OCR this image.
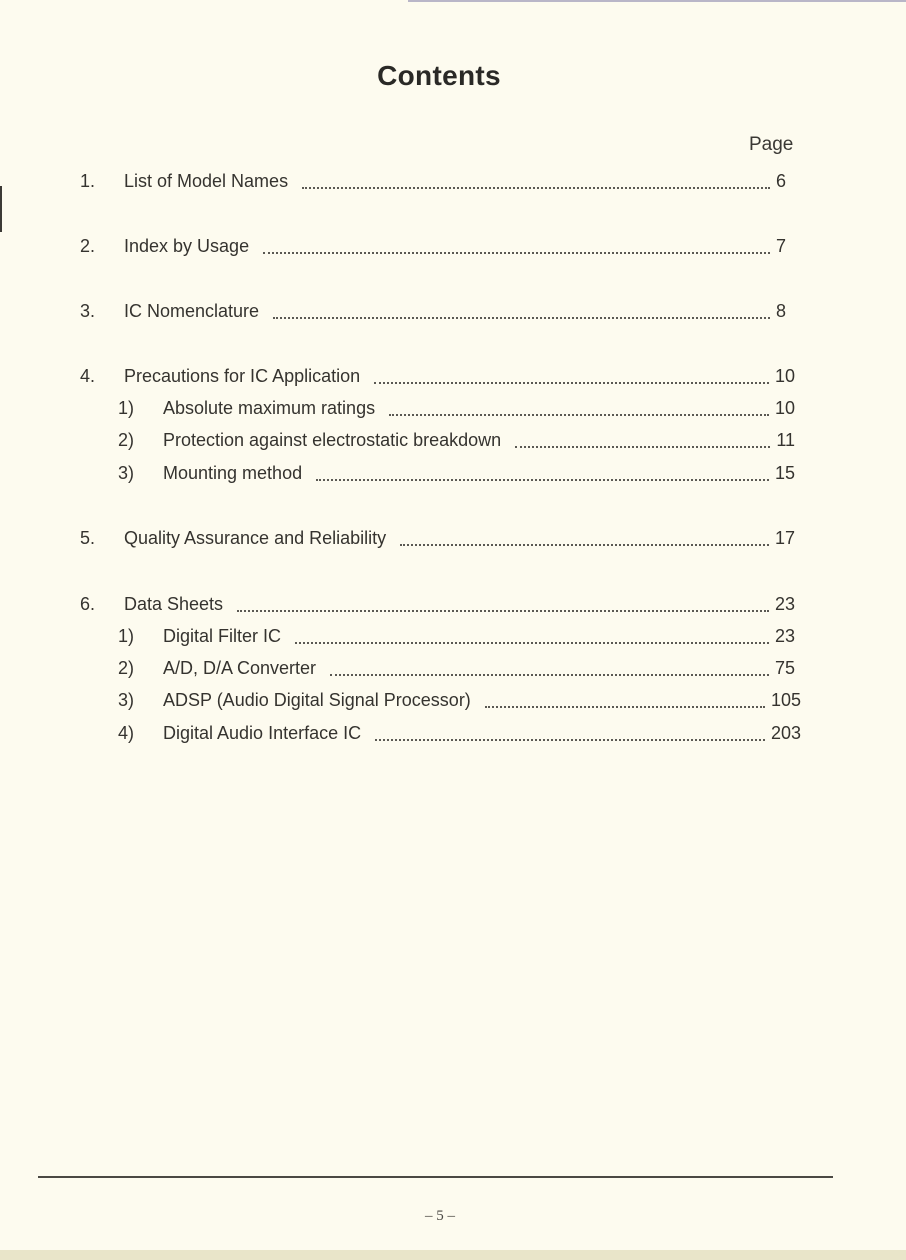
Contents
Page
1. List of Model Names	6
2. Index by Usage	7
3. IC Nomenclature	8
4. Precautions for IC Application	10
1) Absolute maximum ratings	10
2) Protection against electrostatic breakdown	11
3) Mounting method	15
5. Quality Assurance and Reliability	17
6. Data Sheets	23
1) Digital Filter IC	23
2) A/D, D/A Converter	75
3) ADSP (Audio Digital Signal Processor)	105
4) Digital Audio Interface IC	203
– 5 –
